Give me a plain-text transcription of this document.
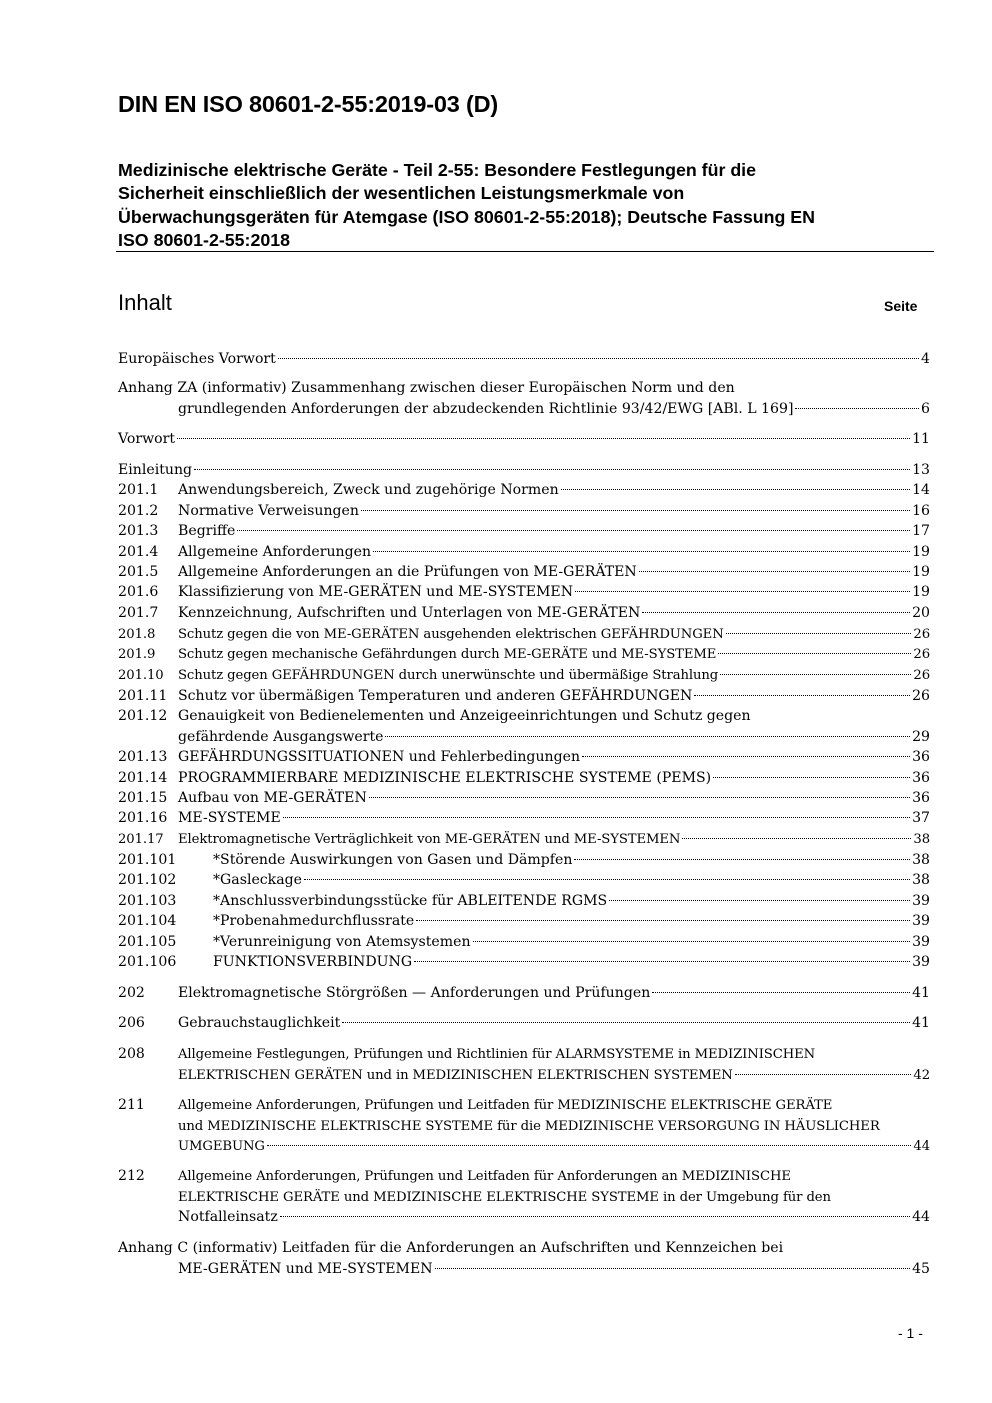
DIN EN ISO 80601-2-55:2019-03 (D)
Medizinische elektrische Geräte - Teil 2-55: Besondere Festlegungen für die
Sicherheit einschließlich der wesentlichen Leistungsmerkmale von
Überwachungsgeräten für Atemgase (ISO 80601-2-55:2018); Deutsche Fassung EN
ISO 80601-2-55:2018
Inhalt	Seite
Europäisches Vorwort	4
Anhang ZA (informativ) Zusammenhang zwischen dieser Europäischen Norm und den
grundlegenden Anforderungen der abzudeckenden Richtlinie 93/42/EWG [ABl. L 169]	6
Vorwort	11
Einleitung	13
201.1	Anwendungsbereich, Zweck und zugehörige Normen	14
201.2	Normative Verweisungen	16
201.3	Begriffe	17
201.4	Allgemeine Anforderungen	19
201.5	Allgemeine Anforderungen an die Prüfungen von ME-GERÄTEN	19
201.6	Klassifizierung von ME-GERÄTEN und ME-SYSTEMEN	19
201.7	Kennzeichnung, Aufschriften und Unterlagen von ME-GERÄTEN	20
201.8	Schutz gegen die von ME-GERÄTEN ausgehenden elektrischen GEFÄHRDUNGEN	26
201.9	Schutz gegen mechanische Gefährdungen durch ME-GERÄTE und ME-SYSTEME	26
201.10	Schutz gegen GEFÄHRDUNGEN durch unerwünschte und übermäßige Strahlung	26
201.11 Schutz vor übermäßigen Temperaturen und anderen GEFÄHRDUNGEN	26
201.12 Genauigkeit von Bedienelementen und Anzeigeeinrichtungen und Schutz gegen
gefährdende Ausgangswerte	29
201.13 GEFÄHRDUNGSSITUATIONEN und Fehlerbedingungen	36
201.14 PROGRAMMIERBARE MEDIZINISCHE ELEKTRISCHE SYSTEME (PEMS)	36
201.15 Aufbau von ME-GERÄTEN	36
201.16 ME-SYSTEME	37
201.17	Elektromagnetische Verträglichkeit von ME-GERÄTEN und ME-SYSTEMEN	38
201.101	*Störende Auswirkungen von Gasen und Dämpfen	38
201.102	*Gasleckage	38
201.103	*Anschlussverbindungsstücke für ABLEITENDE RGMS	39
201.104	*Probenahmedurchflussrate	39
201.105	*Verunreinigung von Atemsystemen	39
201.106	FUNKTIONSVERBINDUNG	39
202	Elektromagnetische Störgrößen — Anforderungen und Prüfungen	41
206	Gebrauchstauglichkeit	41
208	Allgemeine Festlegungen, Prüfungen und Richtlinien für ALARMSYSTEME in MEDIZINISCHEN
ELEKTRISCHEN GERÄTEN und in MEDIZINISCHEN ELEKTRISCHEN SYSTEMEN	42
211	Allgemeine Anforderungen, Prüfungen und Leitfaden für MEDIZINISCHE ELEKTRISCHE GERÄTE
und MEDIZINISCHE ELEKTRISCHE SYSTEME für die MEDIZINISCHE VERSORGUNG IN HÄUSLICHER
UMGEBUNG	44
212	Allgemeine Anforderungen, Prüfungen und Leitfaden für Anforderungen an MEDIZINISCHE
ELEKTRISCHE GERÄTE und MEDIZINISCHE ELEKTRISCHE SYSTEME in der Umgebung für den
Notfalleinsatz	44
Anhang C (informativ) Leitfaden für die Anforderungen an Aufschriften und Kennzeichen bei
ME-GERÄTEN und ME-SYSTEMEN	45
- 1 -
